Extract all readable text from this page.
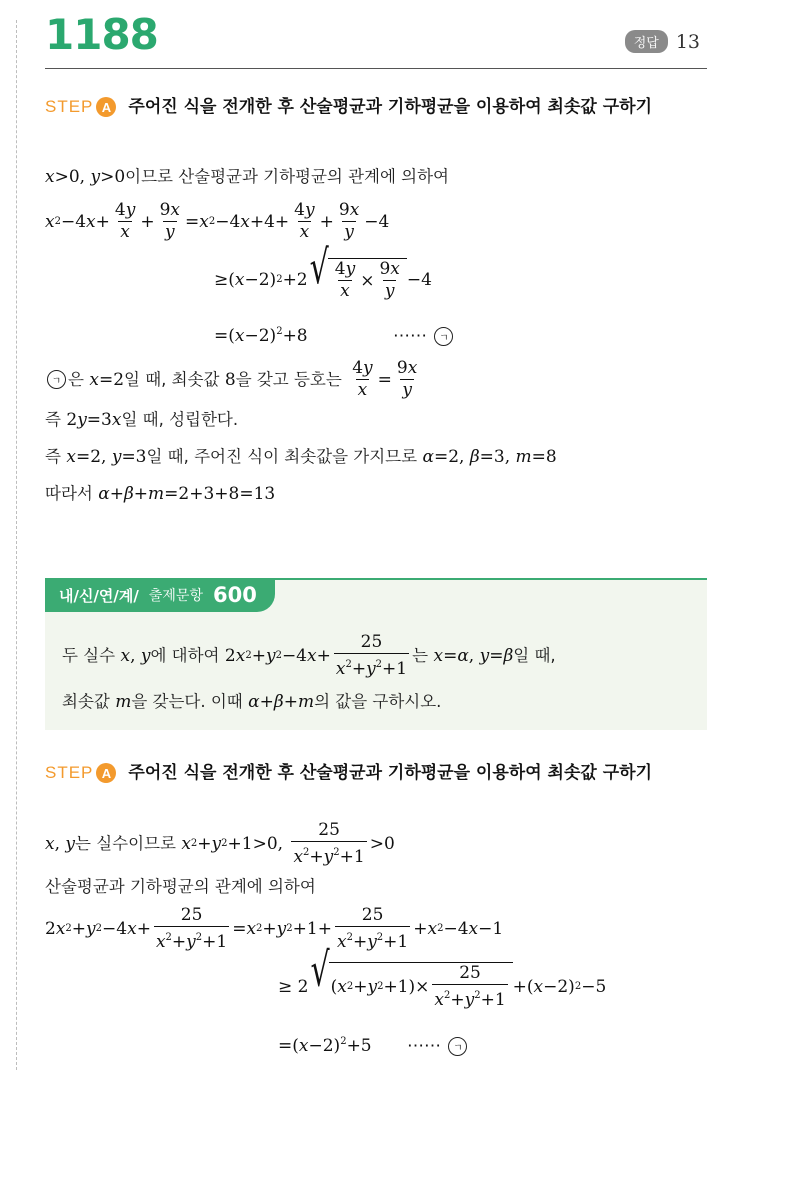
1188	정답 13
STEP A	주어진 식을 전개한 후 산술평균과 기하평균을 이용하여 최솟값 구하기
x>0, y>0이므로 산술평균과 기하평균의 관계에 의하여
x 2 −4 $x + \frac{4y}{x} + \frac{9x}{y} = x$ 2 −4 $x +4+ \frac{4y}{x} + \frac{9x}{y} -4$
≥( x −2) 2 +2 √ $\frac{4y}{x} \times \frac{9x}{y} -4$
$=(x-2)^2+8$	⋯⋯ ㄱ
ㄱ 은 x=2 일 때, 최솟값
8 을 갖고 등호는
$\frac{4y}{x} = \frac{9x}{y}$
즉 2y=3x일 때, 성립한다.
즉 x=2, y=3일 때, 주어진 식이 최솟값을 가지므로 α=2, β=3, m=8
따라서 α+β+m=2+3+8=13
내/신/연/계/ 출제문항 600
두 실수 x, y 에 대하여 2 x 2 + y 2 −4 $x + \frac{25}{x^2+y^2+1}$ 는 x=α, y=β 일 때,
최솟값 m을 갖는다. 이때 α+β+m의 값을 구하시오.
STEP A	주어진 식을 전개한 후 산술평균과 기하평균을 이용하여 최솟값 구하기
x, y 는 실수이므로
x 2 + y 2 +1>0, $\frac{25}{x^2+y^2+1} >0$
산술평균과 기하평균의 관계에 의하여
2 x 2 + y 2 −4 $x + \frac{25}{x^2+y^2+1} = x$ 2 + y $2 +1+ \frac{25}{x^2+y^2+1} + x$ 2 −4 x −1
≥ 2 √ ( x 2 + y $2 +1)\times \frac{25}{x^2+y^2+1}$ +( x −2) 2 −5
$=(x-2)^2+5$ ⋯⋯ ㄱ
